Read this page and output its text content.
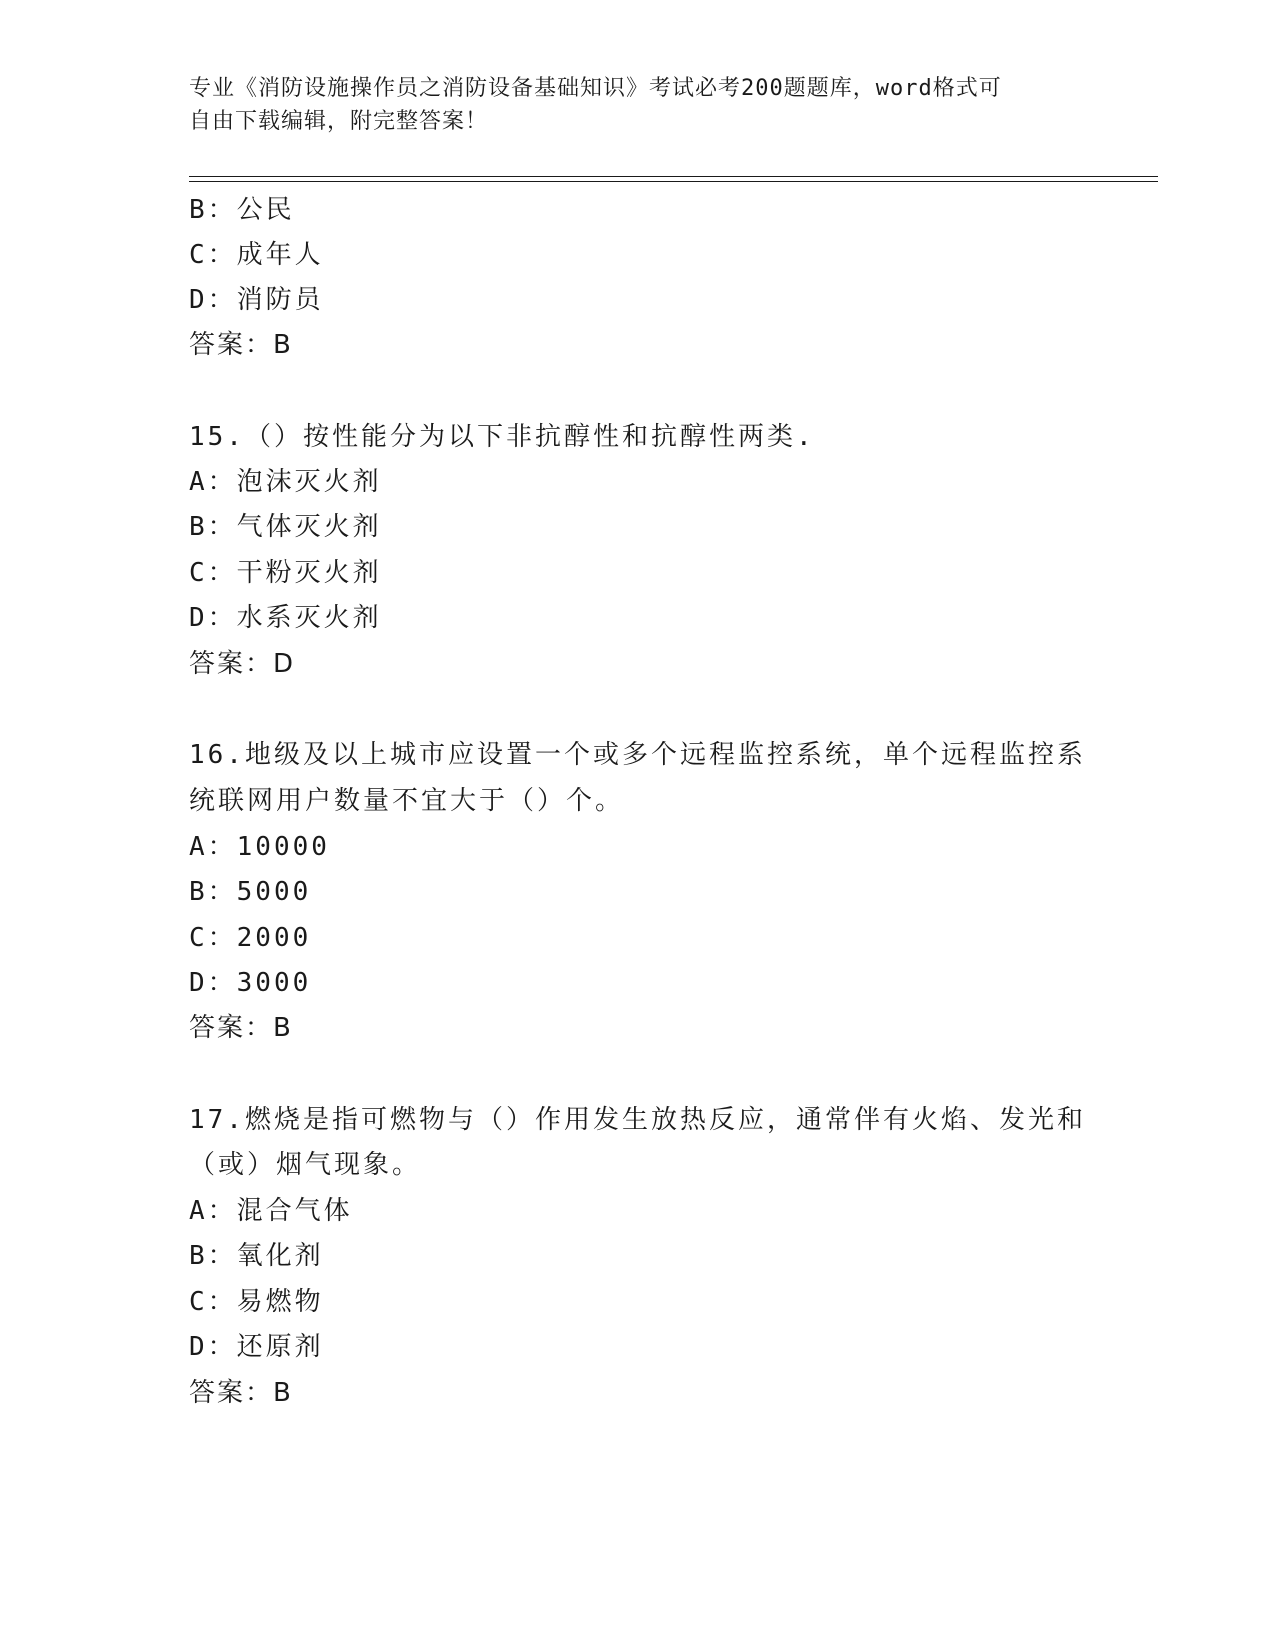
专业《消防设施操作员之消防设备基础知识》考试必考200题题库，word格式可
自由下载编辑，附完整答案！
B：公民
C：成年人
D：消防员
答案：B
15.（）按性能分为以下非抗醇性和抗醇性两类.
A：泡沫灭火剂
B：气体灭火剂
C：干粉灭火剂
D：水系灭火剂
答案：D
16.地级及以上城市应设置一个或多个远程监控系统，单个远程监控系
统联网用户数量不宜大于（）个。
A：10000
B：5000
C：2000
D：3000
答案：B
17.燃烧是指可燃物与（）作用发生放热反应，通常伴有火焰、发光和
（或）烟气现象。
A：混合气体
B：氧化剂
C：易燃物
D：还原剂
答案：B
